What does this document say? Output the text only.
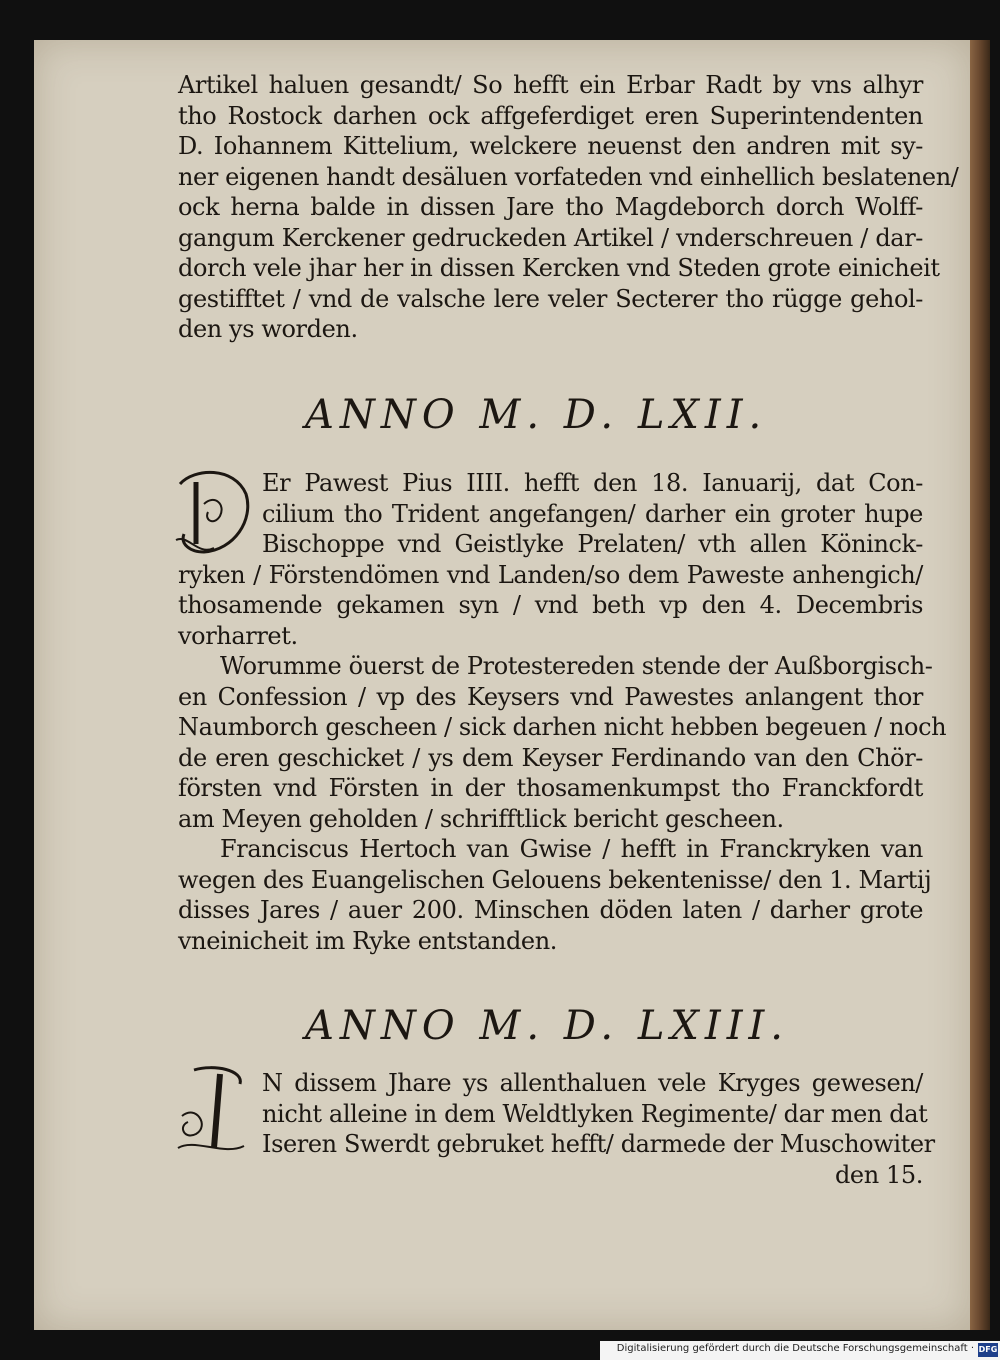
Artikel haluen gesandt/ So hefft ein Erbar Radt by vns alhyr
tho Rostock darhen ock affgeferdiget eren Superintendenten
D. Iohannem Kittelium, welckere neuenst den andren mit sy-
ner eigenen handt desäluen vorfateden vnd einhellich beslatenen/
ock herna balde in dissen Jare tho Magdeborch dorch Wolff-
gangum Kerckener gedruckeden Artikel / vnderschreuen / dar-
dorch vele jhar her in dissen Kercken vnd Steden grote einicheit
gestifftet / vnd de valsche lere veler Secterer tho rügge gehol-
den ys worden.
ANNO M. D. LXII.
Er Pawest Pius IIII. hefft den 18. Ianuarij, dat Con-
cilium tho Trident angefangen/ darher ein groter hupe
Bischoppe vnd Geistlyke Prelaten/ vth allen Köninck-
ryken / Förstendömen vnd Landen/so dem Paweste anhengich/
thosamende gekamen syn / vnd beth vp den 4. Decembris
vorharret.
Worumme öuerst de Protestereden stende der Außborgisch-
en Confession / vp des Keysers vnd Pawestes anlangent thor
Naumborch gescheen / sick darhen nicht hebben begeuen / noch
de eren geschicket / ys dem Keyser Ferdinando van den Chör-
försten vnd Försten in der thosamenkumpst tho Franckfordt
am Meyen geholden / schrifftlick bericht gescheen.
Franciscus Hertoch van Gwise / hefft in Franckryken van
wegen des Euangelischen Gelouens bekentenisse/ den 1. Martij
disses Jares / auer 200. Minschen döden laten / darher grote
vneinicheit im Ryke entstanden.
ANNO M. D. LXIII.
N dissem Jhare ys allenthaluen vele Kryges gewesen/
nicht alleine in dem Weldtlyken Regimente/ dar men dat
Iseren Swerdt gebruket hefft/ darmede der Muschowiter
den 15.
Digitalisierung gefördert durch die Deutsche Forschungsgemeinschaft · DFG
